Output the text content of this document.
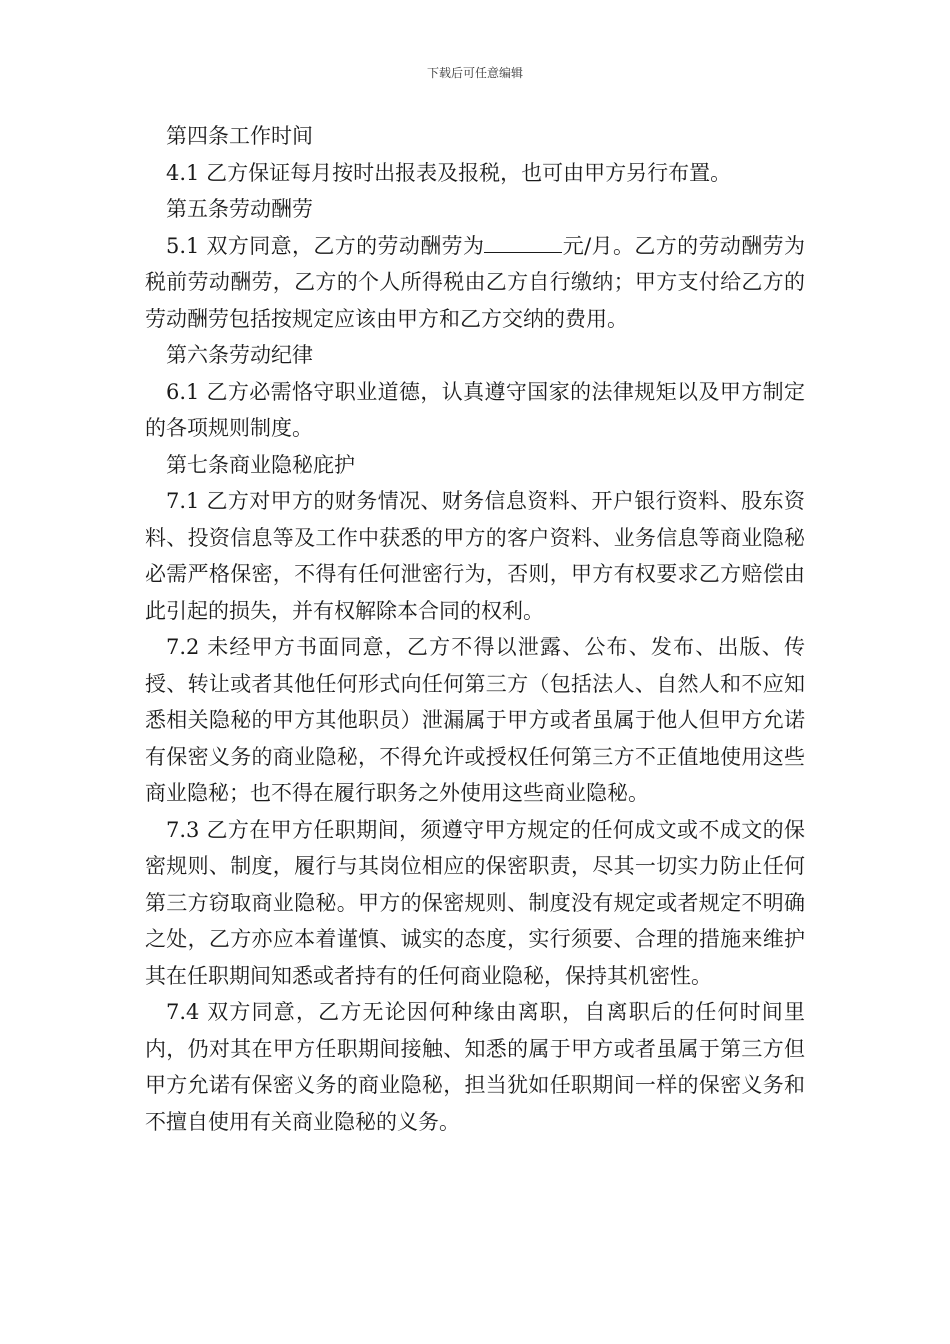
下载后可任意编辑

第四条工作时间

4.1 乙方保证每月按时出报表及报税，也可由甲方另行布置。

第五条劳动酬劳

5.1 双方同意，乙方的劳动酬劳为	元/月。乙方的劳动酬劳为税前劳动酬劳，乙方的个人所得税由乙方自行缴纳；甲方支付给乙方的劳动酬劳包括按规定应该由甲方和乙方交纳的费用。

第六条劳动纪律

6.1 乙方必需恪守职业道德，认真遵守国家的法律规矩以及甲方制定的各项规则制度。

第七条商业隐秘庇护

7.1 乙方对甲方的财务情况、财务信息资料、开户银行资料、股东资料、投资信息等及工作中获悉的甲方的客户资料、业务信息等商业隐秘必需严格保密，不得有任何泄密行为，否则，甲方有权要求乙方赔偿由此引起的损失，并有权解除本合同的权利。

7.2 未经甲方书面同意，乙方不得以泄露、公布、发布、出版、传授、转让或者其他任何形式向任何第三方（包括法人、自然人和不应知悉相关隐秘的甲方其他职员）泄漏属于甲方或者虽属于他人但甲方允诺有保密义务的商业隐秘，不得允许或授权任何第三方不正值地使用这些商业隐秘；也不得在履行职务之外使用这些商业隐秘。

7.3 乙方在甲方任职期间，须遵守甲方规定的任何成文或不成文的保密规则、制度，履行与其岗位相应的保密职责，尽其一切实力防止任何第三方窃取商业隐秘。甲方的保密规则、制度没有规定或者规定不明确之处，乙方亦应本着谨慎、诚实的态度，实行须要、合理的措施来维护其在任职期间知悉或者持有的任何商业隐秘，保持其机密性。

7.4 双方同意，乙方无论因何种缘由离职，自离职后的任何时间里内，仍对其在甲方任职期间接触、知悉的属于甲方或者虽属于第三方但甲方允诺有保密义务的商业隐秘，担当犹如任职期间一样的保密义务和不擅自使用有关商业隐秘的义务。
